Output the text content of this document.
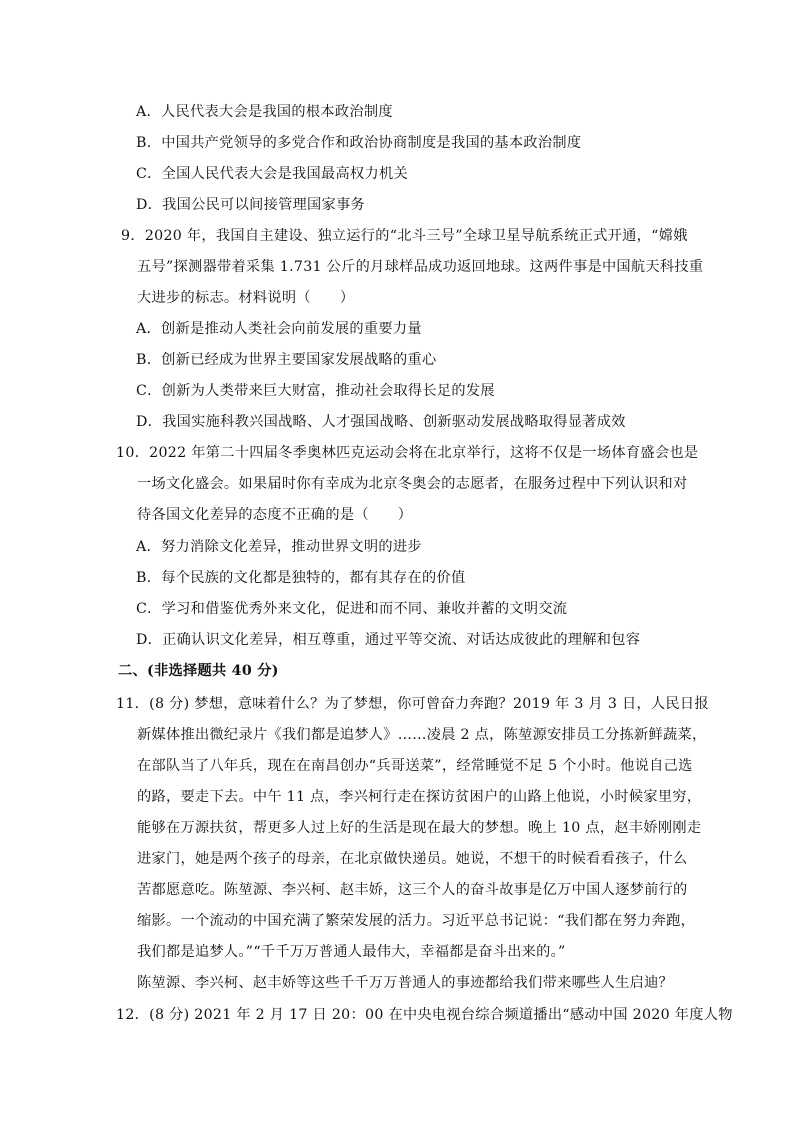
A．人民代表大会是我国的根本政治制度
B．中国共产党领导的多党合作和政治协商制度是我国的基本政治制度
C．全国人民代表大会是我国最高权力机关
D．我国公民可以间接管理国家事务
9．2020 年，我国自主建设、独立运行的“北斗三号”全球卫星导航系统正式开通，“嫦娥
五号”探测器带着采集 1.731 公斤的月球样品成功返回地球。这两件事是中国航天科技重
大进步的标志。材料说明（　　）
A．创新是推动人类社会向前发展的重要力量
B．创新已经成为世界主要国家发展战略的重心
C．创新为人类带来巨大财富，推动社会取得长足的发展
D．我国实施科教兴国战略、人才强国战略、创新驱动发展战略取得显著成效
10．2022 年第二十四届冬季奥林匹克运动会将在北京举行，这将不仅是一场体育盛会也是
一场文化盛会。如果届时你有幸成为北京冬奥会的志愿者，在服务过程中下列认识和对
待各国文化差异的态度不正确的是（　　）
A．努力消除文化差异，推动世界文明的进步
B．每个民族的文化都是独特的，都有其存在的价值
C．学习和借鉴优秀外来文化，促进和而不同、兼收并蓄的文明交流
D．正确认识文化差异，相互尊重，通过平等交流、对话达成彼此的理解和包容
二、(非选择题共 40 分)
11．(8 分) 梦想，意味着什么？为了梦想，你可曾奋力奔跑？2019 年 3 月 3 日，人民日报
新媒体推出微纪录片《我们都是追梦人》……凌晨 2 点，陈堃源安排员工分拣新鲜蔬菜，
在部队当了八年兵，现在在南昌创办“兵哥送菜”，经常睡觉不足 5 个小时。他说自己选
的路，要走下去。中午 11 点，李兴柯行走在探访贫困户的山路上他说，小时候家里穷，
能够在万源扶贫，帮更多人过上好的生活是现在最大的梦想。晚上 10 点，赵丰娇刚刚走
进家门，她是两个孩子的母亲，在北京做快递员。她说，不想干的时候看看孩子，什么
苦都愿意吃。陈堃源、李兴柯、赵丰娇，这三个人的奋斗故事是亿万中国人逐梦前行的
缩影。一个流动的中国充满了繁荣发展的活力。习近平总书记说：“我们都在努力奔跑，
我们都是追梦人。”“千千万万普通人最伟大，幸福都是奋斗出来的。”
陈堃源、李兴柯、赵丰娇等这些千千万万普通人的事迹都给我们带来哪些人生启迪？
12．(8 分) 2021 年 2 月 17 日 20：00 在中央电视台综合频道播出“感动中国 2020 年度人物
